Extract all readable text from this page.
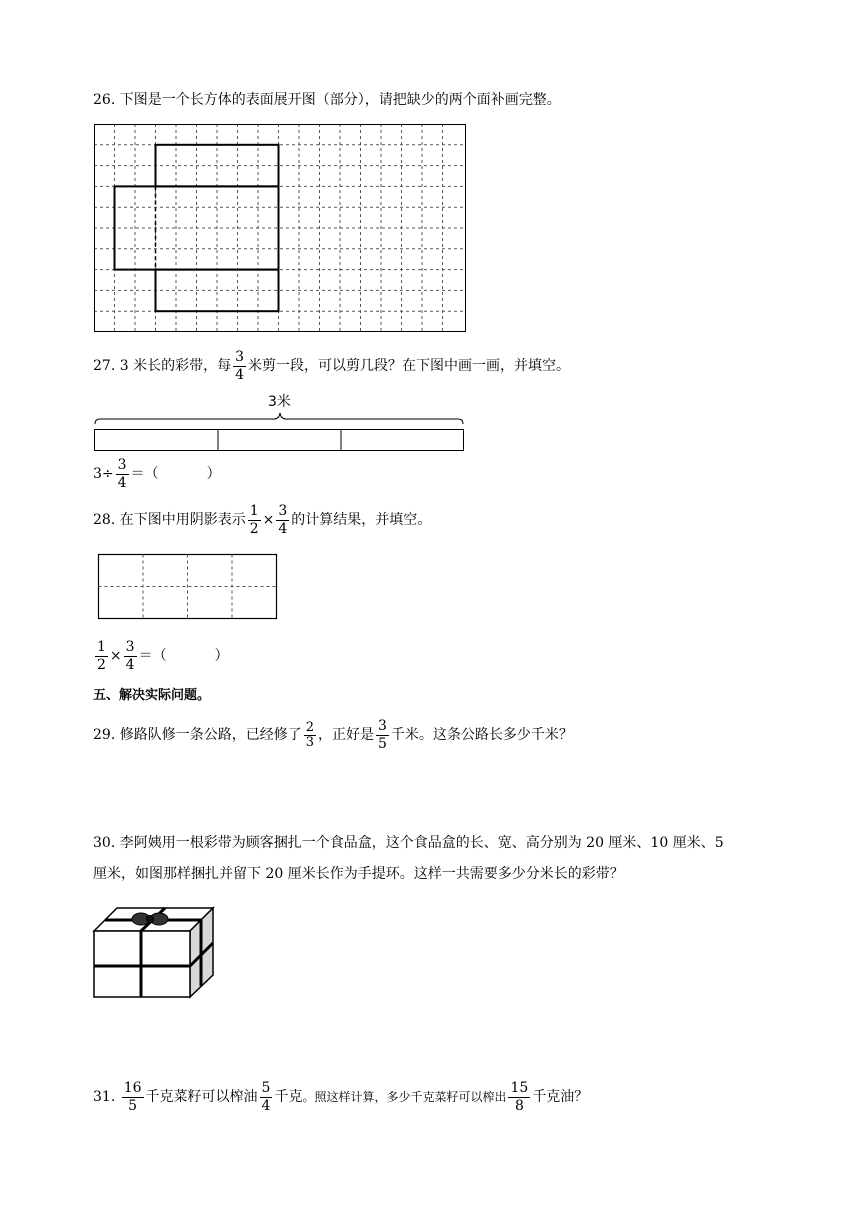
26. 下图是一个长方体的表面展开图（部分），请把缺少的两个面补画完整。
27. 3 米长的彩带，每 $\frac{3}{4}$ 米剪一段，可以剪几段？在下图中画一画，并填空。
3米
$3\div \frac{3}{4}$ ＝（	）
28. 在下图中用阴影表示 $\frac{1}{2} \times \frac{3}{4}$ 的计算结果，并填空。
$\frac{1}{2} \times \frac{3}{4}$ ＝（	）
五、解决实际问题。
29. 修路队修一条公路，已经修了 $\frac{2}{3}$ ，正好是 $\frac{3}{5}$ 千米。这条公路长多少千米？
30. 李阿姨用一根彩带为顾客捆扎一个食品盒，这个食品盒的长、宽、高分别为 20 厘米、10 厘米、5
厘米，如图那样捆扎并留下 20 厘米长作为手提环。这样一共需要多少分米长的彩带？
31. $\frac{16}{5}$ 千克菜籽可以榨油 $\frac{5}{4}$ 千克。照这样计算，多少千克菜籽可以榨出 $\frac{15}{8}$ 千克油？
